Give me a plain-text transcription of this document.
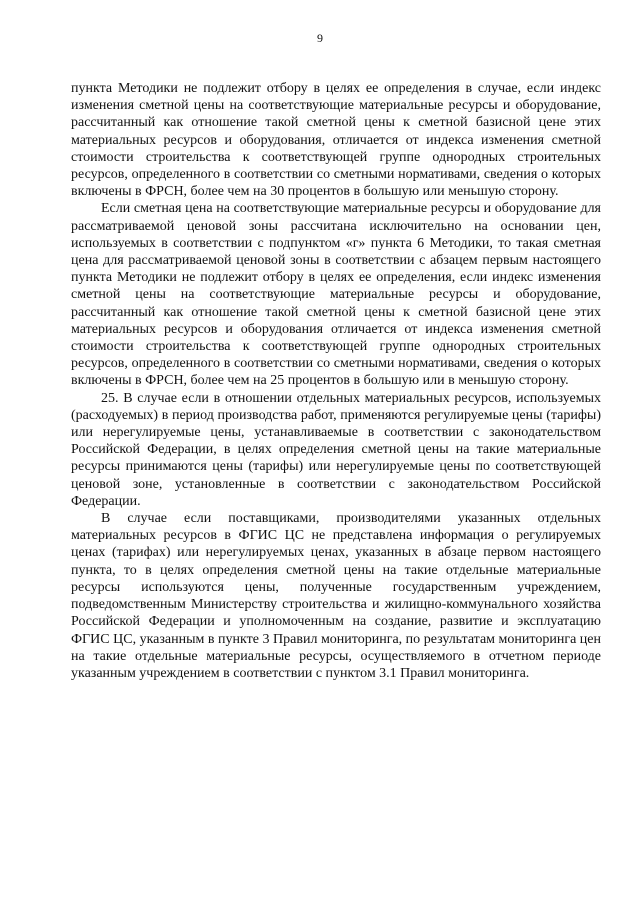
9

пункта Методики не подлежит отбору в целях ее определения в случае, если индекс изменения сметной цены на соответствующие материальные ресурсы и оборудование, рассчитанный как отношение такой сметной цены к сметной базисной цене этих материальных ресурсов и оборудования, отличается от индекса изменения сметной стоимости строительства к соответствующей группе однородных строительных ресурсов, определенного в соответствии со сметными нормативами, сведения о которых включены в ФРСН, более чем на 30 процентов в большую или меньшую сторону.

Если сметная цена на соответствующие материальные ресурсы и оборудование для рассматриваемой ценовой зоны рассчитана исключительно на основании цен, используемых в соответствии с подпунктом «г» пункта 6 Методики, то такая сметная цена для рассматриваемой ценовой зоны в соответствии с абзацем первым настоящего пункта Методики не подлежит отбору в целях ее определения, если индекс изменения сметной цены на соответствующие материальные ресурсы и оборудование, рассчитанный как отношение такой сметной цены к сметной базисной цене этих материальных ресурсов и оборудования отличается от индекса изменения сметной стоимости строительства к соответствующей группе однородных строительных ресурсов, определенного в соответствии со сметными нормативами, сведения о которых включены в ФРСН, более чем на 25 процентов в большую или в меньшую сторону.

25. В случае если в отношении отдельных материальных ресурсов, используемых (расходуемых) в период производства работ, применяются регулируемые цены (тарифы) или нерегулируемые цены, устанавливаемые в соответствии с законодательством Российской Федерации, в целях определения сметной цены на такие материальные ресурсы принимаются цены (тарифы) или нерегулируемые цены по соответствующей ценовой зоне, установленные в соответствии с законодательством Российской Федерации.

В случае если поставщиками, производителями указанных отдельных материальных ресурсов в ФГИС ЦС не представлена информация о регулируемых ценах (тарифах) или нерегулируемых ценах, указанных в абзаце первом настоящего пункта, то в целях определения сметной цены на такие отдельные материальные ресурсы используются цены, полученные государственным учреждением, подведомственным Министерству строительства и жилищно-коммунального хозяйства Российской Федерации и уполномоченным на создание, развитие и эксплуатацию ФГИС ЦС, указанным в пункте 3 Правил мониторинга, по результатам мониторинга цен на такие отдельные материальные ресурсы, осуществляемого в отчетном периоде указанным учреждением в соответствии с пунктом 3.1 Правил мониторинга.
